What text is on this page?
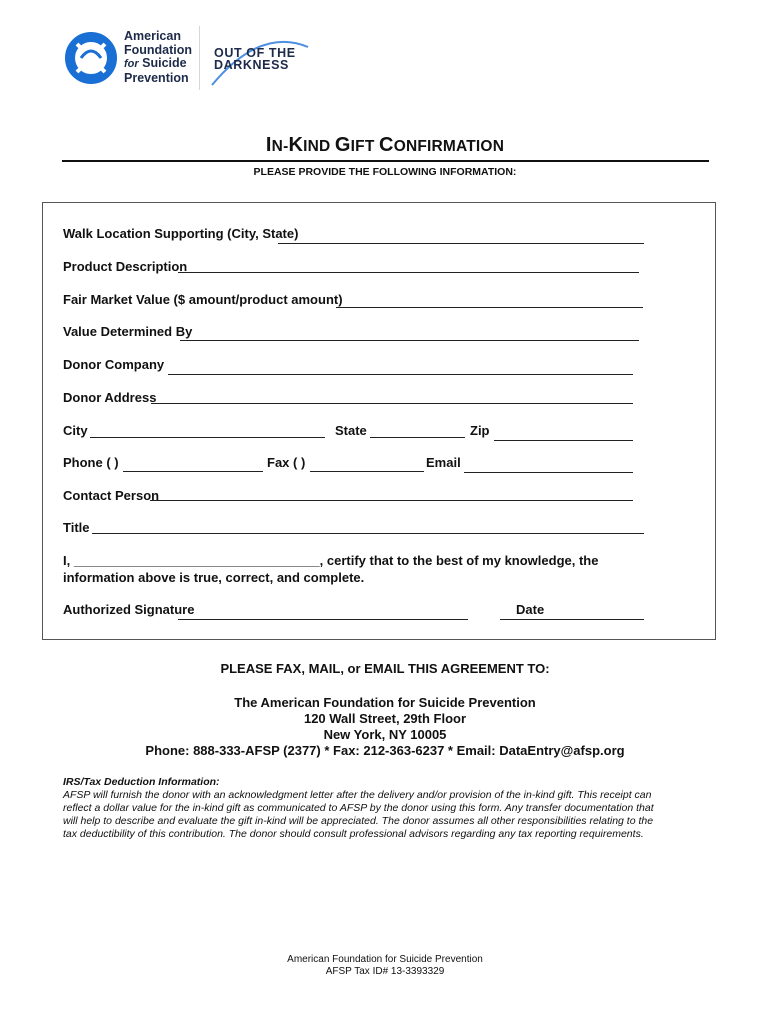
American
Foundation
for Suicide
Prevention
OUT OF THE
DARKNESS
IN-KIND GIFT CONFIRMATION
PLEASE PROVIDE THE FOLLOWING INFORMATION:
Walk Location Supporting (City, State)
Product Description
Fair Market Value ($ amount/product amount)
Value Determined By
Donor Company
Donor Address
City	State	Zip
Phone ( )	Fax ( )	Email
Contact Person
Title
I, __________________________________, certify that to the best of my knowledge, the
information above is true, correct, and complete.
Authorized Signature	Date
PLEASE FAX, MAIL, or EMAIL THIS AGREEMENT TO:
The American Foundation for Suicide Prevention
120 Wall Street, 29th Floor
New York, NY 10005
Phone: 888-333-AFSP (2377) * Fax: 212-363-6237 * Email: DataEntry@afsp.org
IRS/Tax Deduction Information:
AFSP will furnish the donor with an acknowledgment letter after the delivery and/or provision of the in-kind gift. This receipt can
reflect a dollar value for the in-kind gift as communicated to AFSP by the donor using this form. Any transfer documentation that
will help to describe and evaluate the gift in-kind will be appreciated. The donor assumes all other responsibilities relating to the
tax deductibility of this contribution. The donor should consult professional advisors regarding any tax reporting requirements.
American Foundation for Suicide Prevention
AFSP Tax ID# 13-3393329
